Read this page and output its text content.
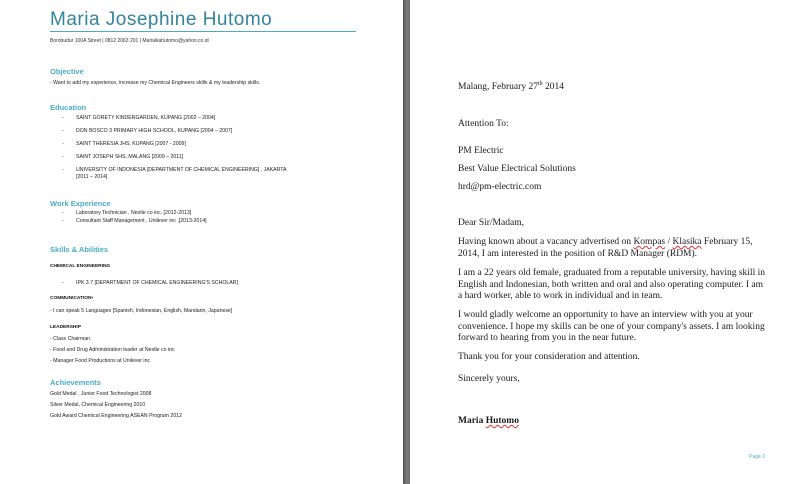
Maria Josephine Hutomo
Borobudur 100A Street | 0812 2063 201 | Mariaikahutomo@yahoo.co.id
Objective
- Want to add my experience, increase my Chemical Engineers skills & my leadership skills.
Education
- SAINT GORETY KINDERGARDEN, KUPANG [2002 – 2004]
- DON BOSCO 3 PRIMARY HIGH SCHOOL, KUPANG [2004 – 2007]
- SAINT THERESIA JHS, KUPANG [2007 - 2009]
- SAINT JOSEPH SHS, MALANG [2009 – 2011]
- UNIVERSITY OF INDONESIA [DEPARTMENT OF CHEMICAL ENGINEERING] , JAKARTA
[2011 – 2014]
Work Experience
- Laboratory Technician , Nestle co inc. [2012-2013]
- Consultant Staff Management , Unilever inc ,[2013-2014]
Skills & Abilities
CHEMICAL ENGINEERING
- IPK 3.7 [DEPARTMENT OF CHEMICAL ENGINEERING'S SCHOLAR]
COMMUNICATION•
- I can speak 5 Languages [Spanish, Indonesian, English, Mandarin, Japanese]
LEADERSHIP
- Class Chairman
- Food and Drug Administration leader at Nestle co inc
- Manager Food Productions at Unilever inc
Achievements
Gold Medal , Junior Food Technologist 2008
Silver Medal, Chemical Engineering 2010
Gold Award Chemical Engineering ASEAN Program 2012
Malang, February 27th 2014
Attention To:
PM Electric
Best Value Electrical Solutions
hrd@pm-electric.com
Dear Sir/Madam,

Having known about a vacancy advertised on Kompas / Klasika February 15, 2014, I am interested in the position of R&D Manager (RDM).

I am a 22 years old female, graduated from a reputable university, having skill in English and Indonesian, both written and oral and also operating computer. I am a hard worker, able to work in individual and in team.
I would gladly welcome an opportunity to have an interview with you at your convenience. I hope my skills can be one of your company's assets. I am looking forward to hearing from you in the near future.
Thank you for your consideration and attention.
Sincerely yours,
Maria Hutomo
Page 2
